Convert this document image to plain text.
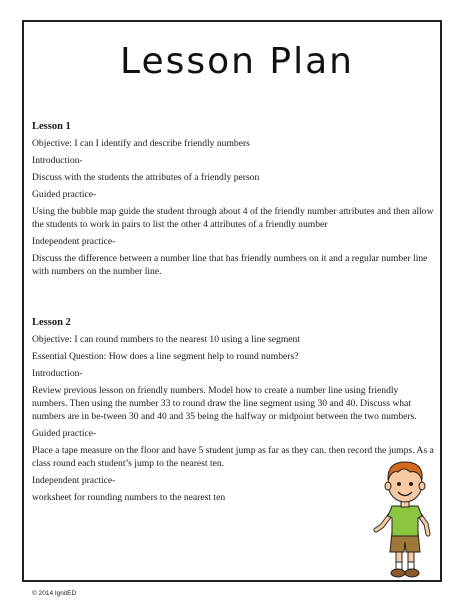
Lesson Plan

Lesson 1

Objective: I can I identify and describe friendly numbers

Introduction-

Discuss with the students the attributes of a friendly person

Guided practice-

Using the bubble map guide the student through about 4 of the friendly number attributes and then allow the students to work in pairs to list the other 4 attributes of a friendly number

Independent practice-

Discuss the difference between a number line that has friendly numbers on it and a regular number line with numbers on the number line.

Lesson 2

Objective: I can round numbers to the nearest 10 using a line segment

Essential Question: How does a line segment help to round numbers?

Introduction-

Review previous lesson on friendly numbers. Model how to create a number line using friendly numbers. Then using the number 33 to round draw the line segment using 30 and 40. Discuss what numbers are in be-tween 30 and 40 and 35 being the halfway or midpoint between the two numbers.

Guided practice-

Place a tape measure on the floor and have 5 student jump as far as they can. then record the jumps. As a class round each student’s jump to the nearest ten.

Independent practice-

worksheet for rounding numbers to the nearest ten

© 2014 IgnitED
